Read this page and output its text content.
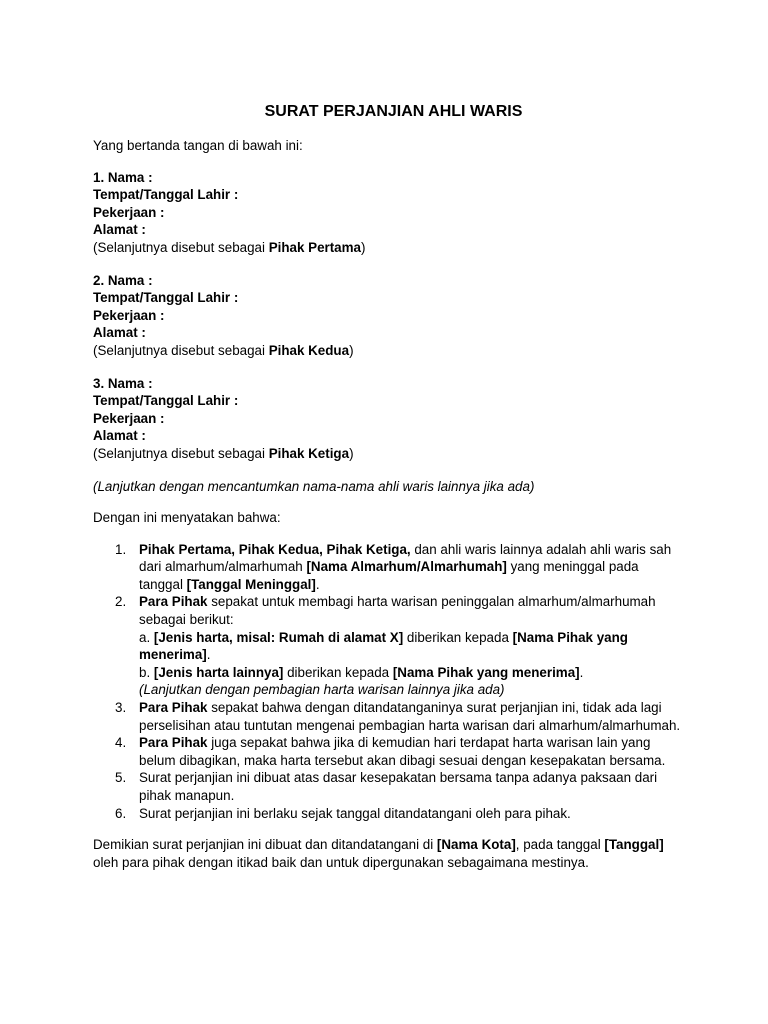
SURAT PERJANJIAN AHLI WARIS
Yang bertanda tangan di bawah ini:
1. Nama :
Tempat/Tanggal Lahir :
Pekerjaan :
Alamat :
(Selanjutnya disebut sebagai Pihak Pertama)
2. Nama :
Tempat/Tanggal Lahir :
Pekerjaan :
Alamat :
(Selanjutnya disebut sebagai Pihak Kedua)
3. Nama :
Tempat/Tanggal Lahir :
Pekerjaan :
Alamat :
(Selanjutnya disebut sebagai Pihak Ketiga)
(Lanjutkan dengan mencantumkan nama-nama ahli waris lainnya jika ada)
Dengan ini menyatakan bahwa:
1. Pihak Pertama, Pihak Kedua, Pihak Ketiga, dan ahli waris lainnya adalah ahli waris sah dari almarhum/almarhumah [Nama Almarhum/Almarhumah] yang meninggal pada tanggal [Tanggal Meninggal].
2. Para Pihak sepakat untuk membagi harta warisan peninggalan almarhum/almarhumah sebagai berikut:
a. [Jenis harta, misal: Rumah di alamat X] diberikan kepada [Nama Pihak yang menerima].
b. [Jenis harta lainnya] diberikan kepada [Nama Pihak yang menerima].
(Lanjutkan dengan pembagian harta warisan lainnya jika ada)
3. Para Pihak sepakat bahwa dengan ditandatanganinya surat perjanjian ini, tidak ada lagi perselisihan atau tuntutan mengenai pembagian harta warisan dari almarhum/almarhumah.
4. Para Pihak juga sepakat bahwa jika di kemudian hari terdapat harta warisan lain yang belum dibagikan, maka harta tersebut akan dibagi sesuai dengan kesepakatan bersama.
5. Surat perjanjian ini dibuat atas dasar kesepakatan bersama tanpa adanya paksaan dari pihak manapun.
6. Surat perjanjian ini berlaku sejak tanggal ditandatangani oleh para pihak.
Demikian surat perjanjian ini dibuat dan ditandatangani di [Nama Kota], pada tanggal [Tanggal] oleh para pihak dengan itikad baik dan untuk dipergunakan sebagaimana mestinya.
